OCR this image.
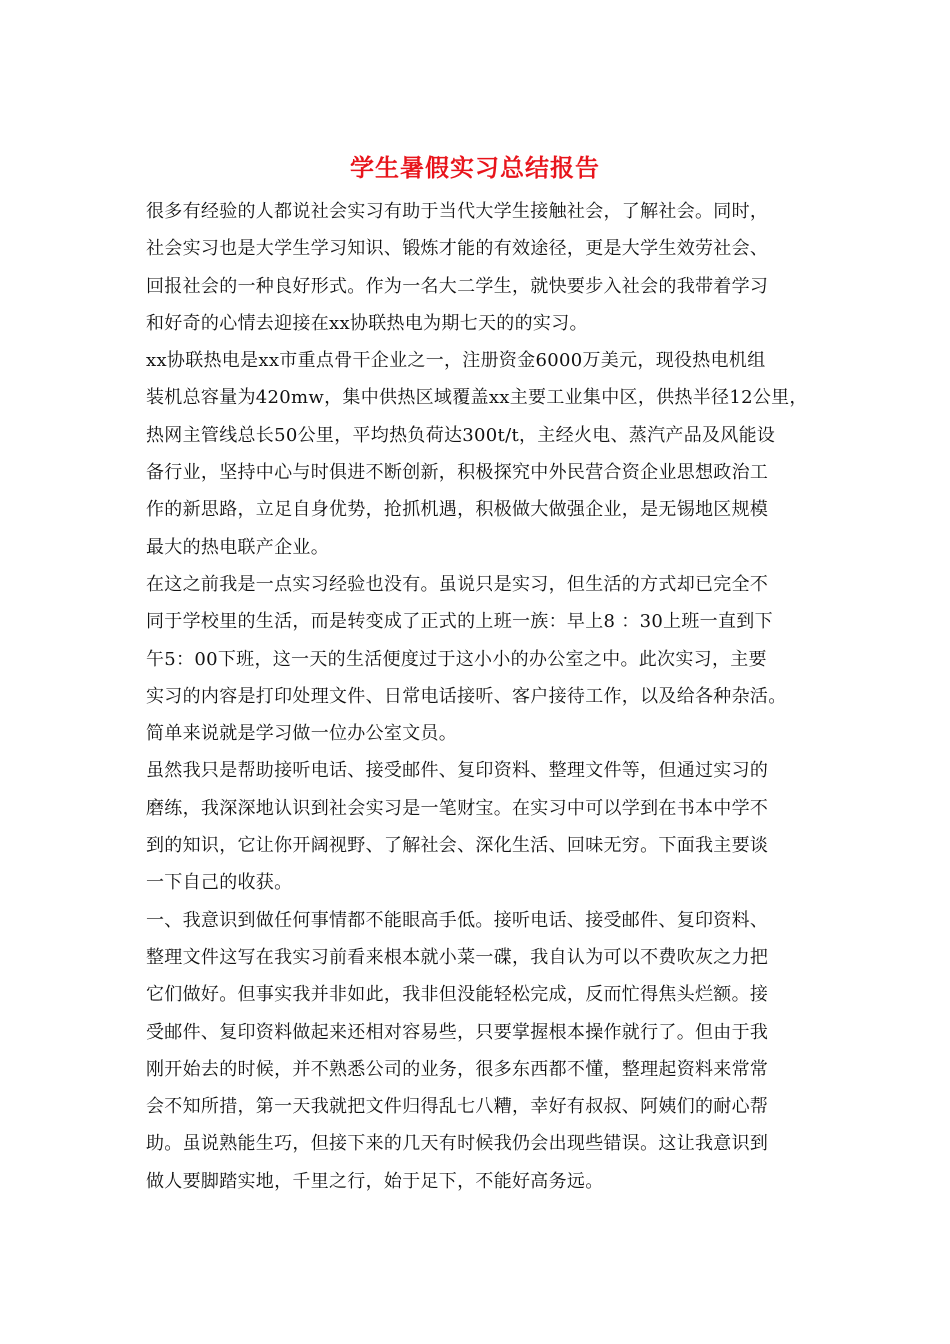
学生暑假实习总结报告
很多有经验的人都说社会实习有助于当代大学生接触社会，了解社会。同时，
社会实习也是大学生学习知识、锻炼才能的有效途径，更是大学生效劳社会、
回报社会的一种良好形式。作为一名大二学生，就快要步入社会的我带着学习
和好奇的心情去迎接在xx协联热电为期七天的的实习。
xx协联热电是xx市重点骨干企业之一，注册资金6000万美元，现役热电机组
装机总容量为420mw，集中供热区域覆盖xx主要工业集中区，供热半径12公里，
热网主管线总长50公里，平均热负荷达300t/t，主经火电、蒸汽产品及风能设
备行业，坚持中心与时俱进不断创新，积极探究中外民营合资企业思想政治工
作的新思路，立足自身优势，抢抓机遇，积极做大做强企业，是无锡地区规模
最大的热电联产企业。
在这之前我是一点实习经验也没有。虽说只是实习，但生活的方式却已完全不
同于学校里的生活，而是转变成了正式的上班一族：早上8 ：30上班一直到下
午5：00下班，这一天的生活便度过于这小小的办公室之中。此次实习，主要
实习的内容是打印处理文件、日常电话接听、客户接待工作，以及给各种杂活。
简单来说就是学习做一位办公室文员。
虽然我只是帮助接听电话、接受邮件、复印资料、整理文件等，但通过实习的
磨练，我深深地认识到社会实习是一笔财宝。在实习中可以学到在书本中学不
到的知识，它让你开阔视野、了解社会、深化生活、回味无穷。下面我主要谈
一下自己的收获。
一、我意识到做任何事情都不能眼高手低。接听电话、接受邮件、复印资料、
整理文件这写在我实习前看来根本就小菜一碟，我自认为可以不费吹灰之力把
它们做好。但事实我并非如此，我非但没能轻松完成，反而忙得焦头烂额。接
受邮件、复印资料做起来还相对容易些，只要掌握根本操作就行了。但由于我
刚开始去的时候，并不熟悉公司的业务，很多东西都不懂，整理起资料来常常
会不知所措，第一天我就把文件归得乱七八糟，幸好有叔叔、阿姨们的耐心帮
助。虽说熟能生巧，但接下来的几天有时候我仍会出现些错误。这让我意识到
做人要脚踏实地，千里之行，始于足下，不能好高务远。
